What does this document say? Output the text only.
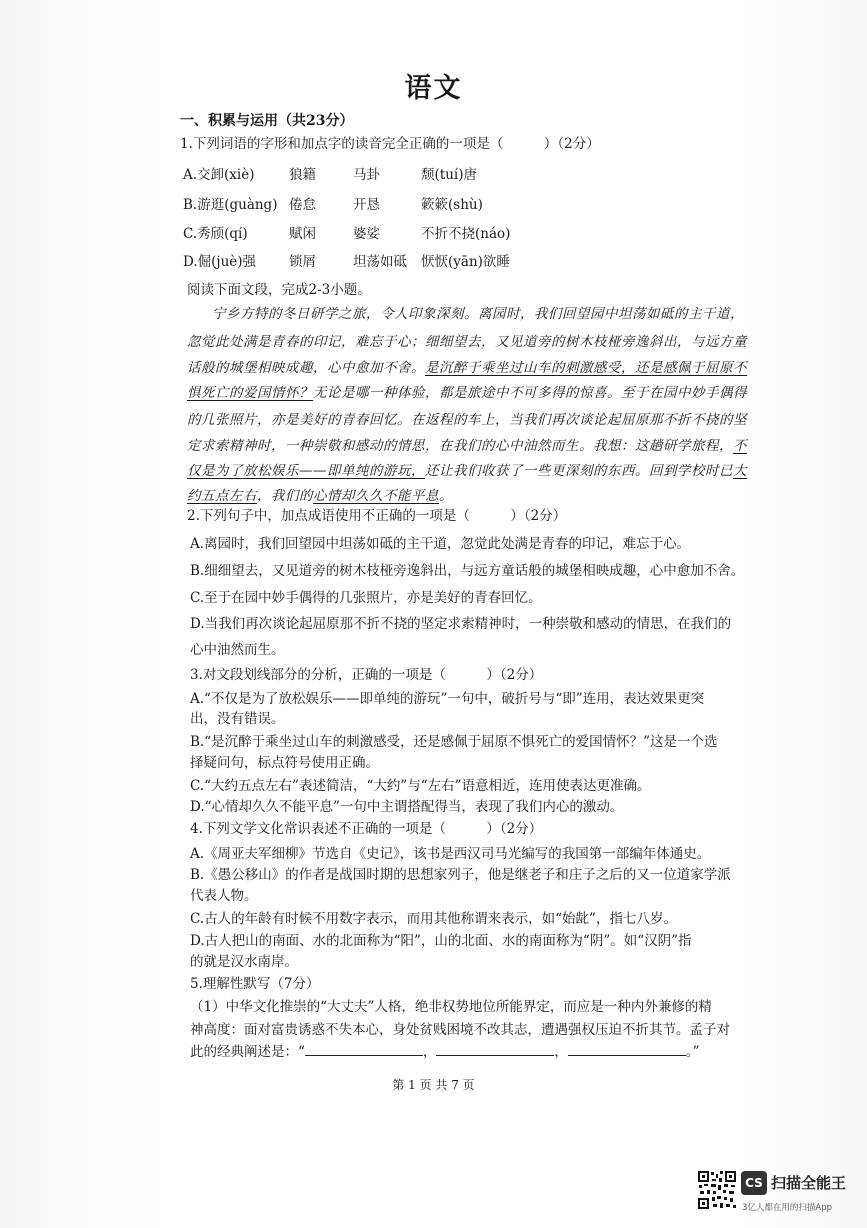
语文
一、积累与运用（共23分）
1.下列词语的字形和加点字的读音完全正确的一项是（　　　）（2分）
A.交卸(xiè)	狼籍	马卦	颓(tuí)唐
B.游逛(guàng) 倦怠	开恳	簌簌(shù)
C.秀颀(qí)	赋闲	婆娑	不折不挠(náo)
D.倔(juè)强 锁屑	坦荡如砥 恹恹(yān)欲睡
阅读下面文段，完成2-3小题。
宁乡方特的冬日研学之旅，令人印象深刻。离园时，我们回望园中坦荡如砥的主干道，
忽觉此处满是青春的印记，难忘于心；细细望去，又见道旁的树木枝桠旁逸斜出，与远方童
话般的城堡相映成趣，心中愈加不舍。是沉醉于乘坐过山车的刺激感受，还是感佩于屈原不
惧死亡的爱国情怀？无论是哪一种体验，都是旅途中不可多得的惊喜。至于在园中妙手偶得
的几张照片，亦是美好的青春回忆。在返程的车上，当我们再次谈论起屈原那不折不挠的坚
定求索精神时，一种崇敬和感动的情思，在我们的心中油然而生。我想：这趟研学旅程，不
仅是为了放松娱乐——即单纯的游玩，还让我们收获了一些更深刻的东西。回到学校时已大
约五点左右，我们的心情却久久不能平息。
2.下列句子中，加点成语使用不正确的一项是（　　　）（2分）
A.离园时，我们回望园中坦荡如砥的主干道，忽觉此处满是青春的印记，难忘于心。
B.细细望去，又见道旁的树木枝桠旁逸斜出，与远方童话般的城堡相映成趣，心中愈加不舍。
C.至于在园中妙手偶得的几张照片，亦是美好的青春回忆。
D.当我们再次谈论起屈原那不折不挠的坚定求索精神时，一种崇敬和感动的情思，在我们的
心中油然而生。
3.对文段划线部分的分析，正确的一项是（　　　）（2分）
A.“不仅是为了放松娱乐——即单纯的游玩”一句中，破折号与“即”连用，表达效果更突
出，没有错误。
B.“是沉醉于乘坐过山车的刺激感受，还是感佩于屈原不惧死亡的爱国情怀？”这是一个选
择疑问句，标点符号使用正确。
C.“大约五点左右”表述简洁，“大约”与“左右”语意相近，连用使表达更准确。
D.“心情却久久不能平息”一句中主谓搭配得当，表现了我们内心的激动。
4.下列文学文化常识表述不正确的一项是（　　　）（2分）
A.《周亚夫军细柳》节选自《史记》，该书是西汉司马光编写的我国第一部编年体通史。
B.《愚公移山》的作者是战国时期的思想家列子，他是继老子和庄子之后的又一位道家学派
代表人物。
C.古人的年龄有时候不用数字表示，而用其他称谓来表示，如“始龀”，指七八岁。
D.古人把山的南面、水的北面称为“阳”，山的北面、水的南面称为“阴”。如“汉阴”指
的就是汉水南岸。
5.理解性默写（7分）
（1）中华文化推崇的“大丈夫”人格，绝非权势地位所能界定，而应是一种内外兼修的精
神高度：面对富贵诱惑不失本心，身处贫贱困境不改其志，遭遇强权压迫不折其节。孟子对
此的经典阐述是：“	，	，	。”
第 1 页 共 7 页
CS 扫描全能王
3亿人都在用的扫描App
